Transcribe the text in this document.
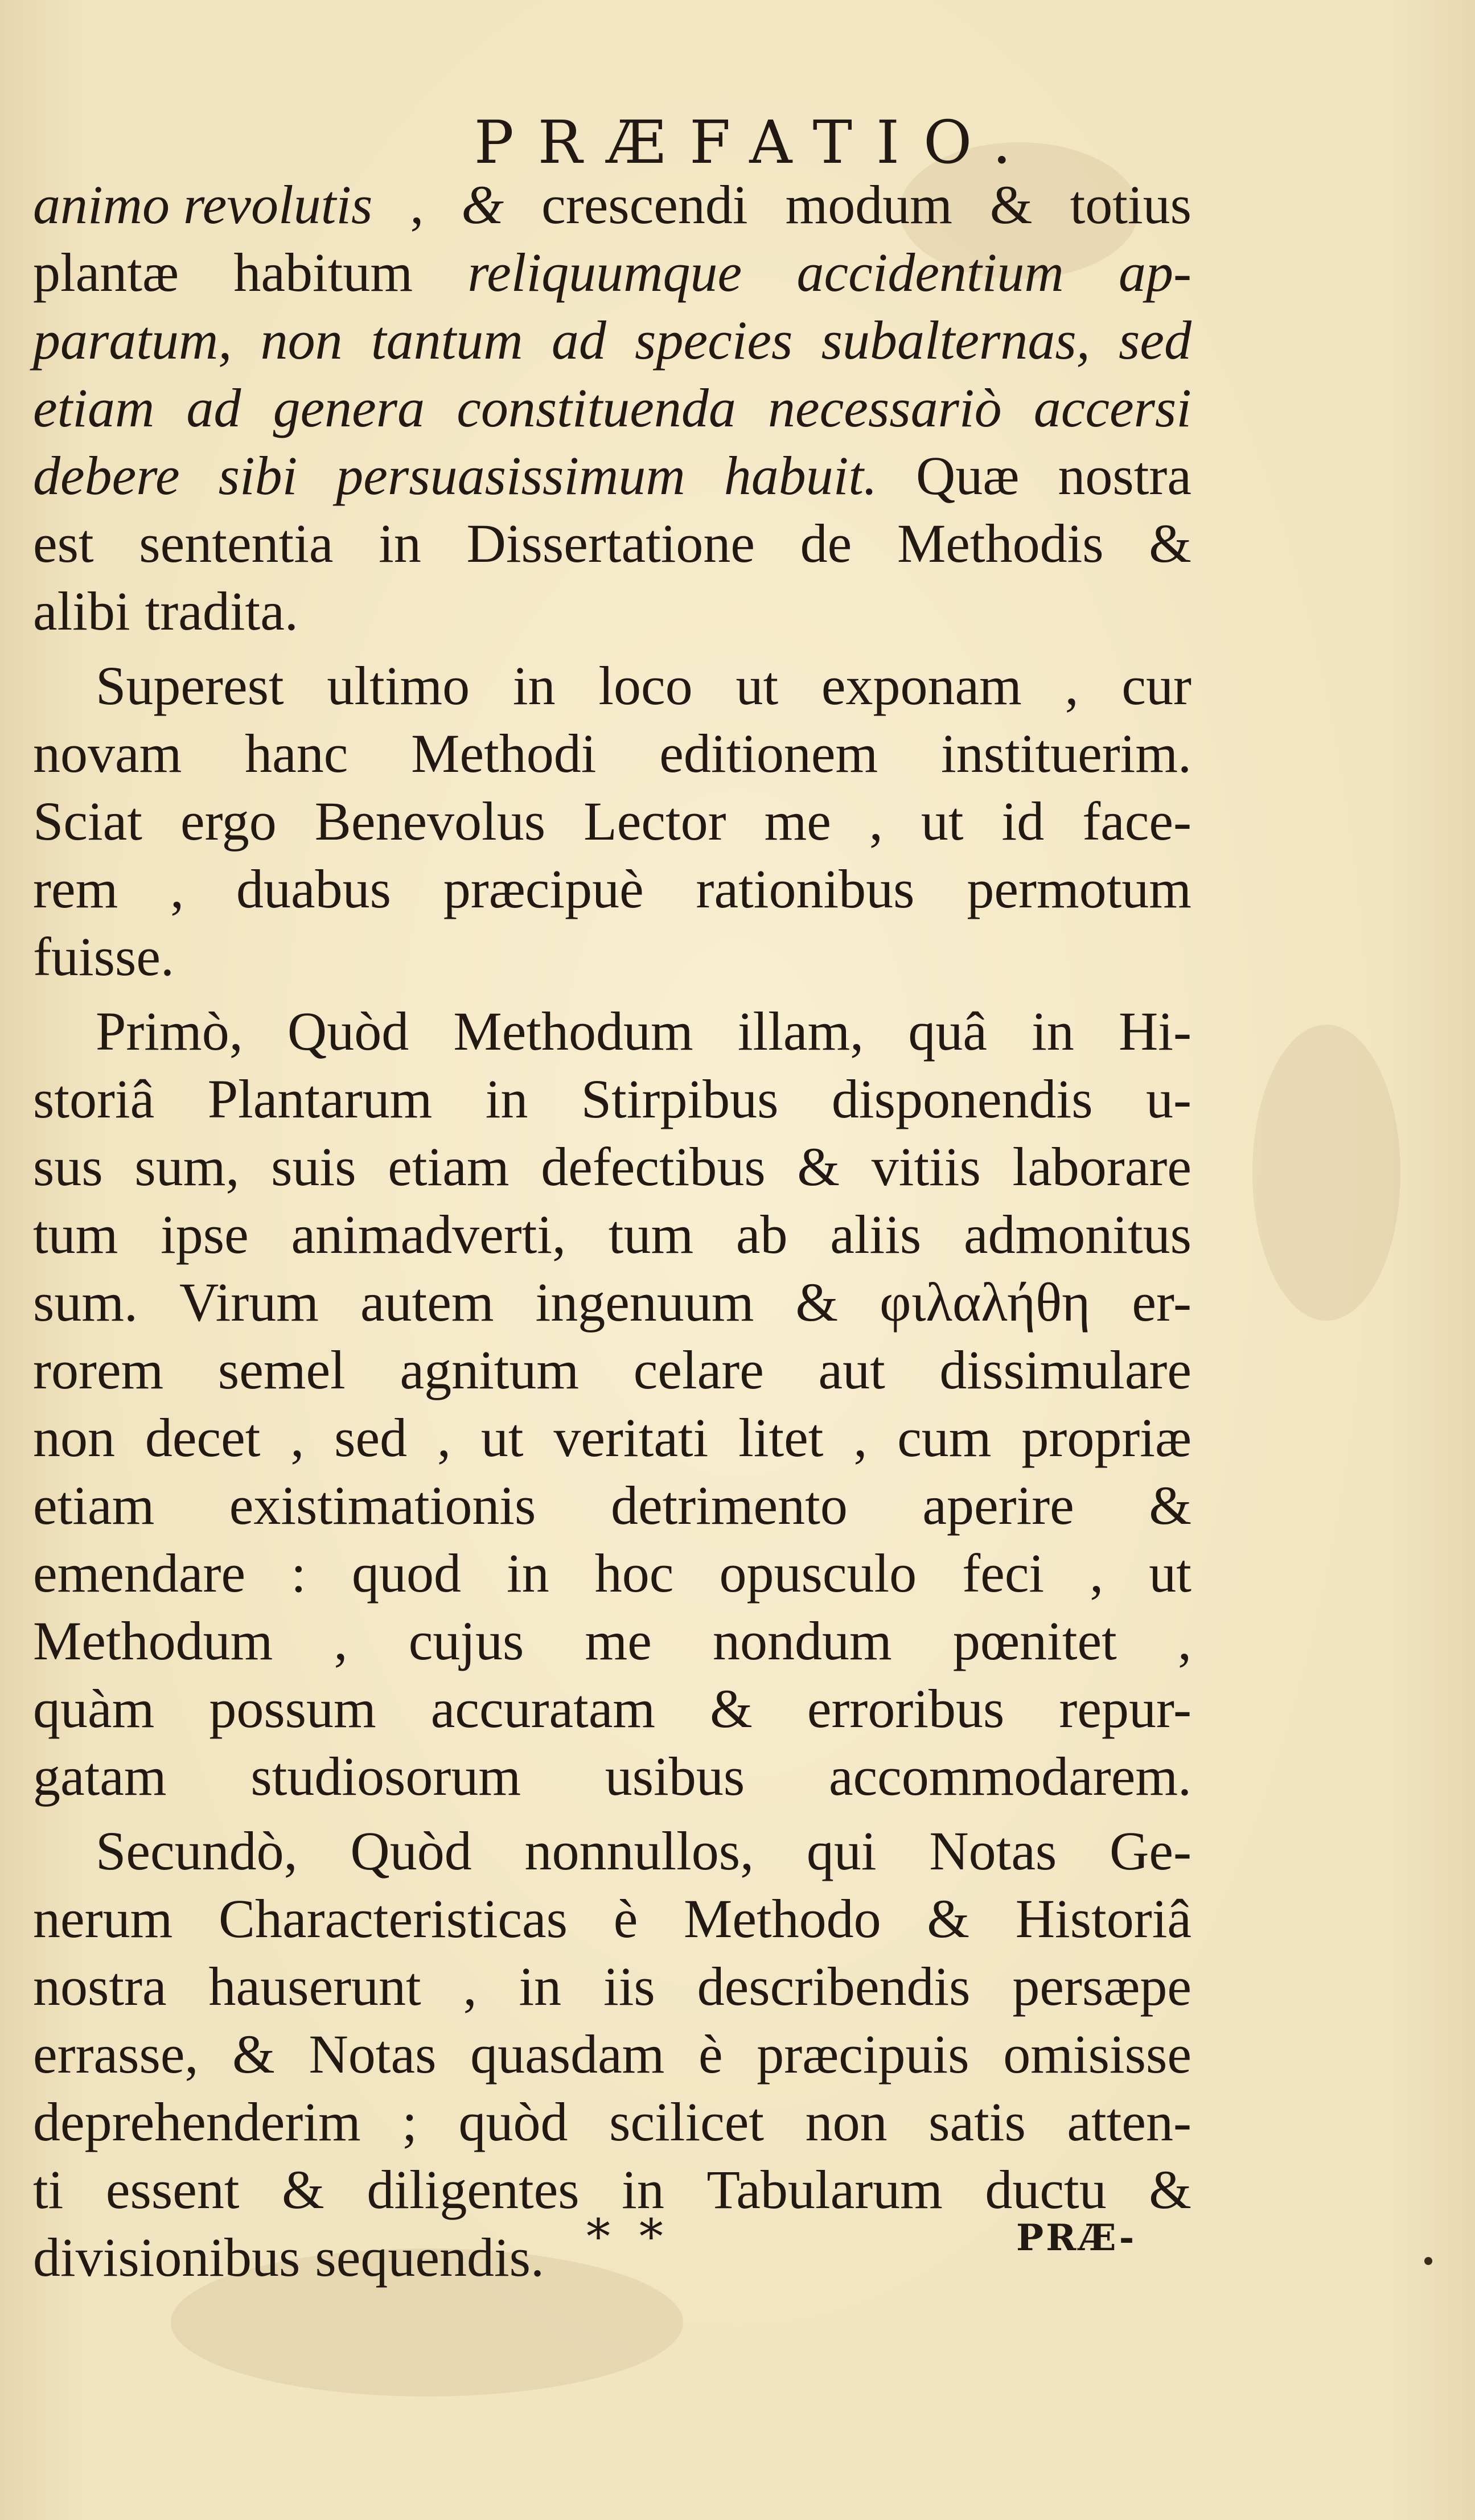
PRÆFATIO.
animo revolutis , & crescendi modum & totius
plantæ habitum reliquumque accidentium ap-
paratum, non tantum ad species subalternas, sed
etiam ad genera constituenda necessariò accersi
debere sibi persuasissimum habuit. Quæ nostra
est sententia in Dissertatione de Methodis &
alibi tradita.
Superest ultimo in loco ut exponam , cur
novam hanc Methodi editionem instituerim.
Sciat ergo Benevolus Lector me , ut id face-
rem , duabus præcipuè rationibus permotum
fuisse.
Primò, Quòd Methodum illam, quâ in Hi-
storiâ Plantarum in Stirpibus disponendis u-
sus sum, suis etiam defectibus & vitiis laborare
tum ipse animadverti, tum ab aliis admonitus
sum. Virum autem ingenuum & φιλαλήθη er-
rorem semel agnitum celare aut dissimulare
non decet , sed , ut veritati litet , cum propriæ
etiam existimationis detrimento aperire &
emendare : quod in hoc opusculo feci , ut
Methodum , cujus me nondum pœnitet ,
quàm possum accuratam & erroribus repur-
gatam studiosorum usibus accommodarem.
Secundò, Quòd nonnullos, qui Notas Ge-
nerum Characteristicas è Methodo & Historiâ
nostra hauserunt , in iis describendis persæpe
errasse, & Notas quasdam è præcipuis omisisse
deprehenderim ; quòd scilicet non satis atten-
ti essent & diligentes in Tabularum ductu &
divisionibus sequendis. * *	PRÆ-
